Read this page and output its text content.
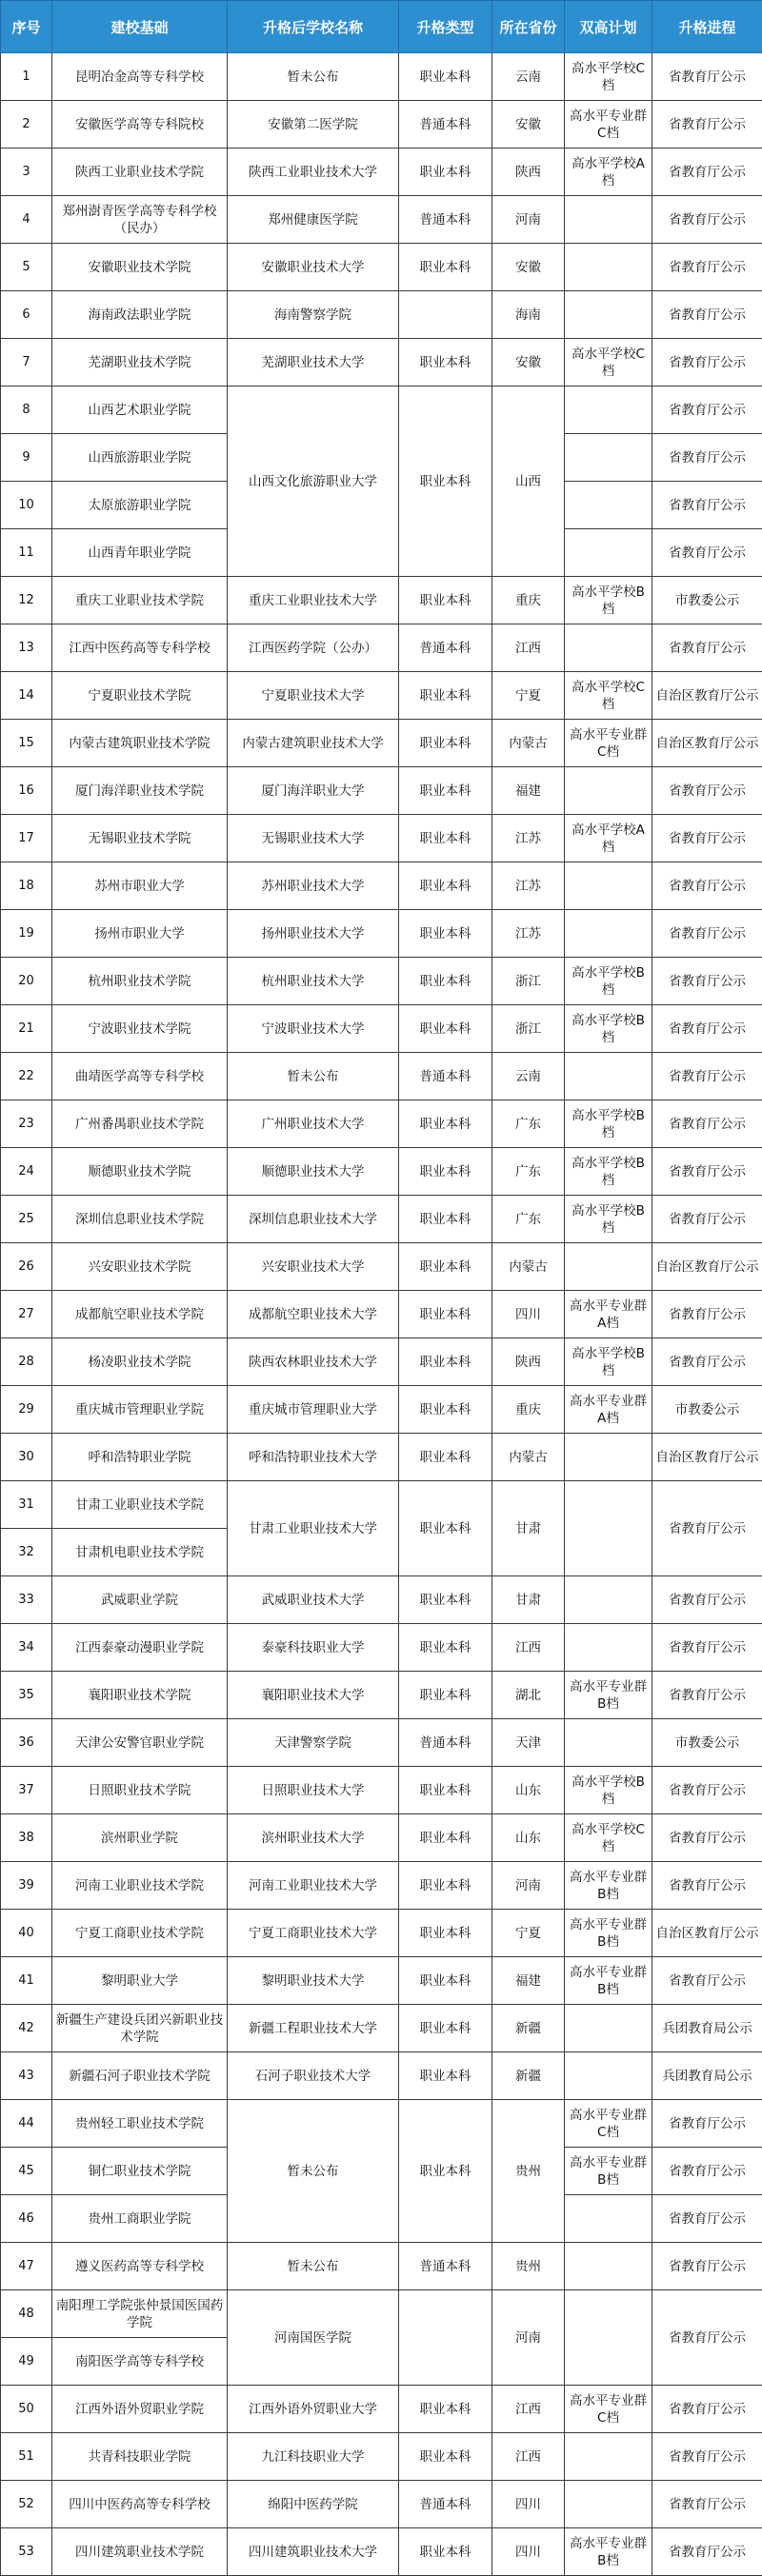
序号	建校基础	升格后学校名称	升格类型	所在省份	双高计划	升格进程
1	昆明冶金高等专科学校	暂未公布	职业本科	云南	高水平学校C档	省教育厅公示
2	安徽医学高等专科院校	安徽第二医学院	普通本科	安徽	高水平专业群C档	省教育厅公示
3	陕西工业职业技术学院	陕西工业职业技术大学	职业本科	陕西	高水平学校A档	省教育厅公示
4	郑州澍青医学高等专科学校（民办）	郑州健康医学院	普通本科	河南		省教育厅公示
5	安徽职业技术学院	安徽职业技术大学	职业本科	安徽		省教育厅公示
6	海南政法职业学院	海南警察学院		海南		省教育厅公示
7	芜湖职业技术学院	芜湖职业技术大学	职业本科	安徽	高水平学校C档	省教育厅公示
8	山西艺术职业学院	山西文化旅游职业大学	职业本科	山西		省教育厅公示
9	山西旅游职业学院					省教育厅公示
10	太原旅游职业学院					省教育厅公示
11	山西青年职业学院					省教育厅公示
12	重庆工业职业技术学院	重庆工业职业技术大学	职业本科	重庆	高水平学校B档	市教委公示
13	江西中医药高等专科学校	江西医药学院（公办）	普通本科	江西		省教育厅公示
14	宁夏职业技术学院	宁夏职业技术大学	职业本科	宁夏	高水平学校C档	自治区教育厅公示
15	内蒙古建筑职业技术学院	内蒙古建筑职业技术大学	职业本科	内蒙古	高水平专业群C档	自治区教育厅公示
16	厦门海洋职业技术学院	厦门海洋职业大学	职业本科	福建		省教育厅公示
17	无锡职业技术学院	无锡职业技术大学	职业本科	江苏	高水平学校A档	省教育厅公示
18	苏州市职业大学	苏州职业技术大学	职业本科	江苏		省教育厅公示
19	扬州市职业大学	扬州职业技术大学	职业本科	江苏		省教育厅公示
20	杭州职业技术学院	杭州职业技术大学	职业本科	浙江	高水平学校B档	省教育厅公示
21	宁波职业技术学院	宁波职业技术大学	职业本科	浙江	高水平学校B档	省教育厅公示
22	曲靖医学高等专科学校	暂未公布	普通本科	云南		省教育厅公示
23	广州番禺职业技术学院	广州职业技术大学	职业本科	广东	高水平学校B档	省教育厅公示
24	顺德职业技术学院	顺德职业技术大学	职业本科	广东	高水平学校B档	省教育厅公示
25	深圳信息职业技术学院	深圳信息职业技术大学	职业本科	广东	高水平学校B档	省教育厅公示
26	兴安职业技术学院	兴安职业技术大学	职业本科	内蒙古		自治区教育厅公示
27	成都航空职业技术学院	成都航空职业技术大学	职业本科	四川	高水平专业群A档	省教育厅公示
28	杨凌职业技术学院	陕西农林职业技术大学	职业本科	陕西	高水平学校B档	省教育厅公示
29	重庆城市管理职业学院	重庆城市管理职业大学	职业本科	重庆	高水平专业群A档	市教委公示
30	呼和浩特职业学院	呼和浩特职业技术大学	职业本科	内蒙古		自治区教育厅公示
31	甘肃工业职业技术学院	甘肃工业职业技术大学	职业本科	甘肃		省教育厅公示
32	甘肃机电职业技术学院					
33	武威职业学院	武威职业技术大学	职业本科	甘肃		省教育厅公示
34	江西泰豪动漫职业学院	泰豪科技职业大学	职业本科	江西		省教育厅公示
35	襄阳职业技术学院	襄阳职业技术大学	职业本科	湖北	高水平专业群B档	省教育厅公示
36	天津公安警官职业学院	天津警察学院	普通本科	天津		市教委公示
37	日照职业技术学院	日照职业技术大学	职业本科	山东	高水平学校B档	省教育厅公示
38	滨州职业学院	滨州职业技术大学	职业本科	山东	高水平学校C档	省教育厅公示
39	河南工业职业技术学院	河南工业职业技术大学	职业本科	河南	高水平专业群B档	省教育厅公示
40	宁夏工商职业技术学院	宁夏工商职业技术大学	职业本科	宁夏	高水平专业群B档	自治区教育厅公示
41	黎明职业大学	黎明职业技术大学	职业本科	福建	高水平专业群B档	省教育厅公示
42	新疆生产建设兵团兴新职业技术学院	新疆工程职业技术大学	职业本科	新疆		兵团教育局公示
43	新疆石河子职业技术学院	石河子职业技术大学	职业本科	新疆		兵团教育局公示
44	贵州轻工职业技术学院	暂未公布	职业本科	贵州	高水平专业群C档	省教育厅公示
45	铜仁职业技术学院				高水平专业群B档	省教育厅公示
46	贵州工商职业学院					省教育厅公示
47	遵义医药高等专科学校	暂未公布	普通本科	贵州		省教育厅公示
48	南阳理工学院张仲景国医国药学院	河南国医学院		河南		省教育厅公示
49	南阳医学高等专科学校					
50	江西外语外贸职业学院	江西外语外贸职业大学	职业本科	江西	高水平专业群C档	省教育厅公示
51	共青科技职业学院	九江科技职业大学	职业本科	江西		省教育厅公示
52	四川中医药高等专科学校	绵阳中医药学院	普通本科	四川		省教育厅公示
53	四川建筑职业技术学院	四川建筑职业技术大学	职业本科	四川	高水平专业群B档	省教育厅公示
